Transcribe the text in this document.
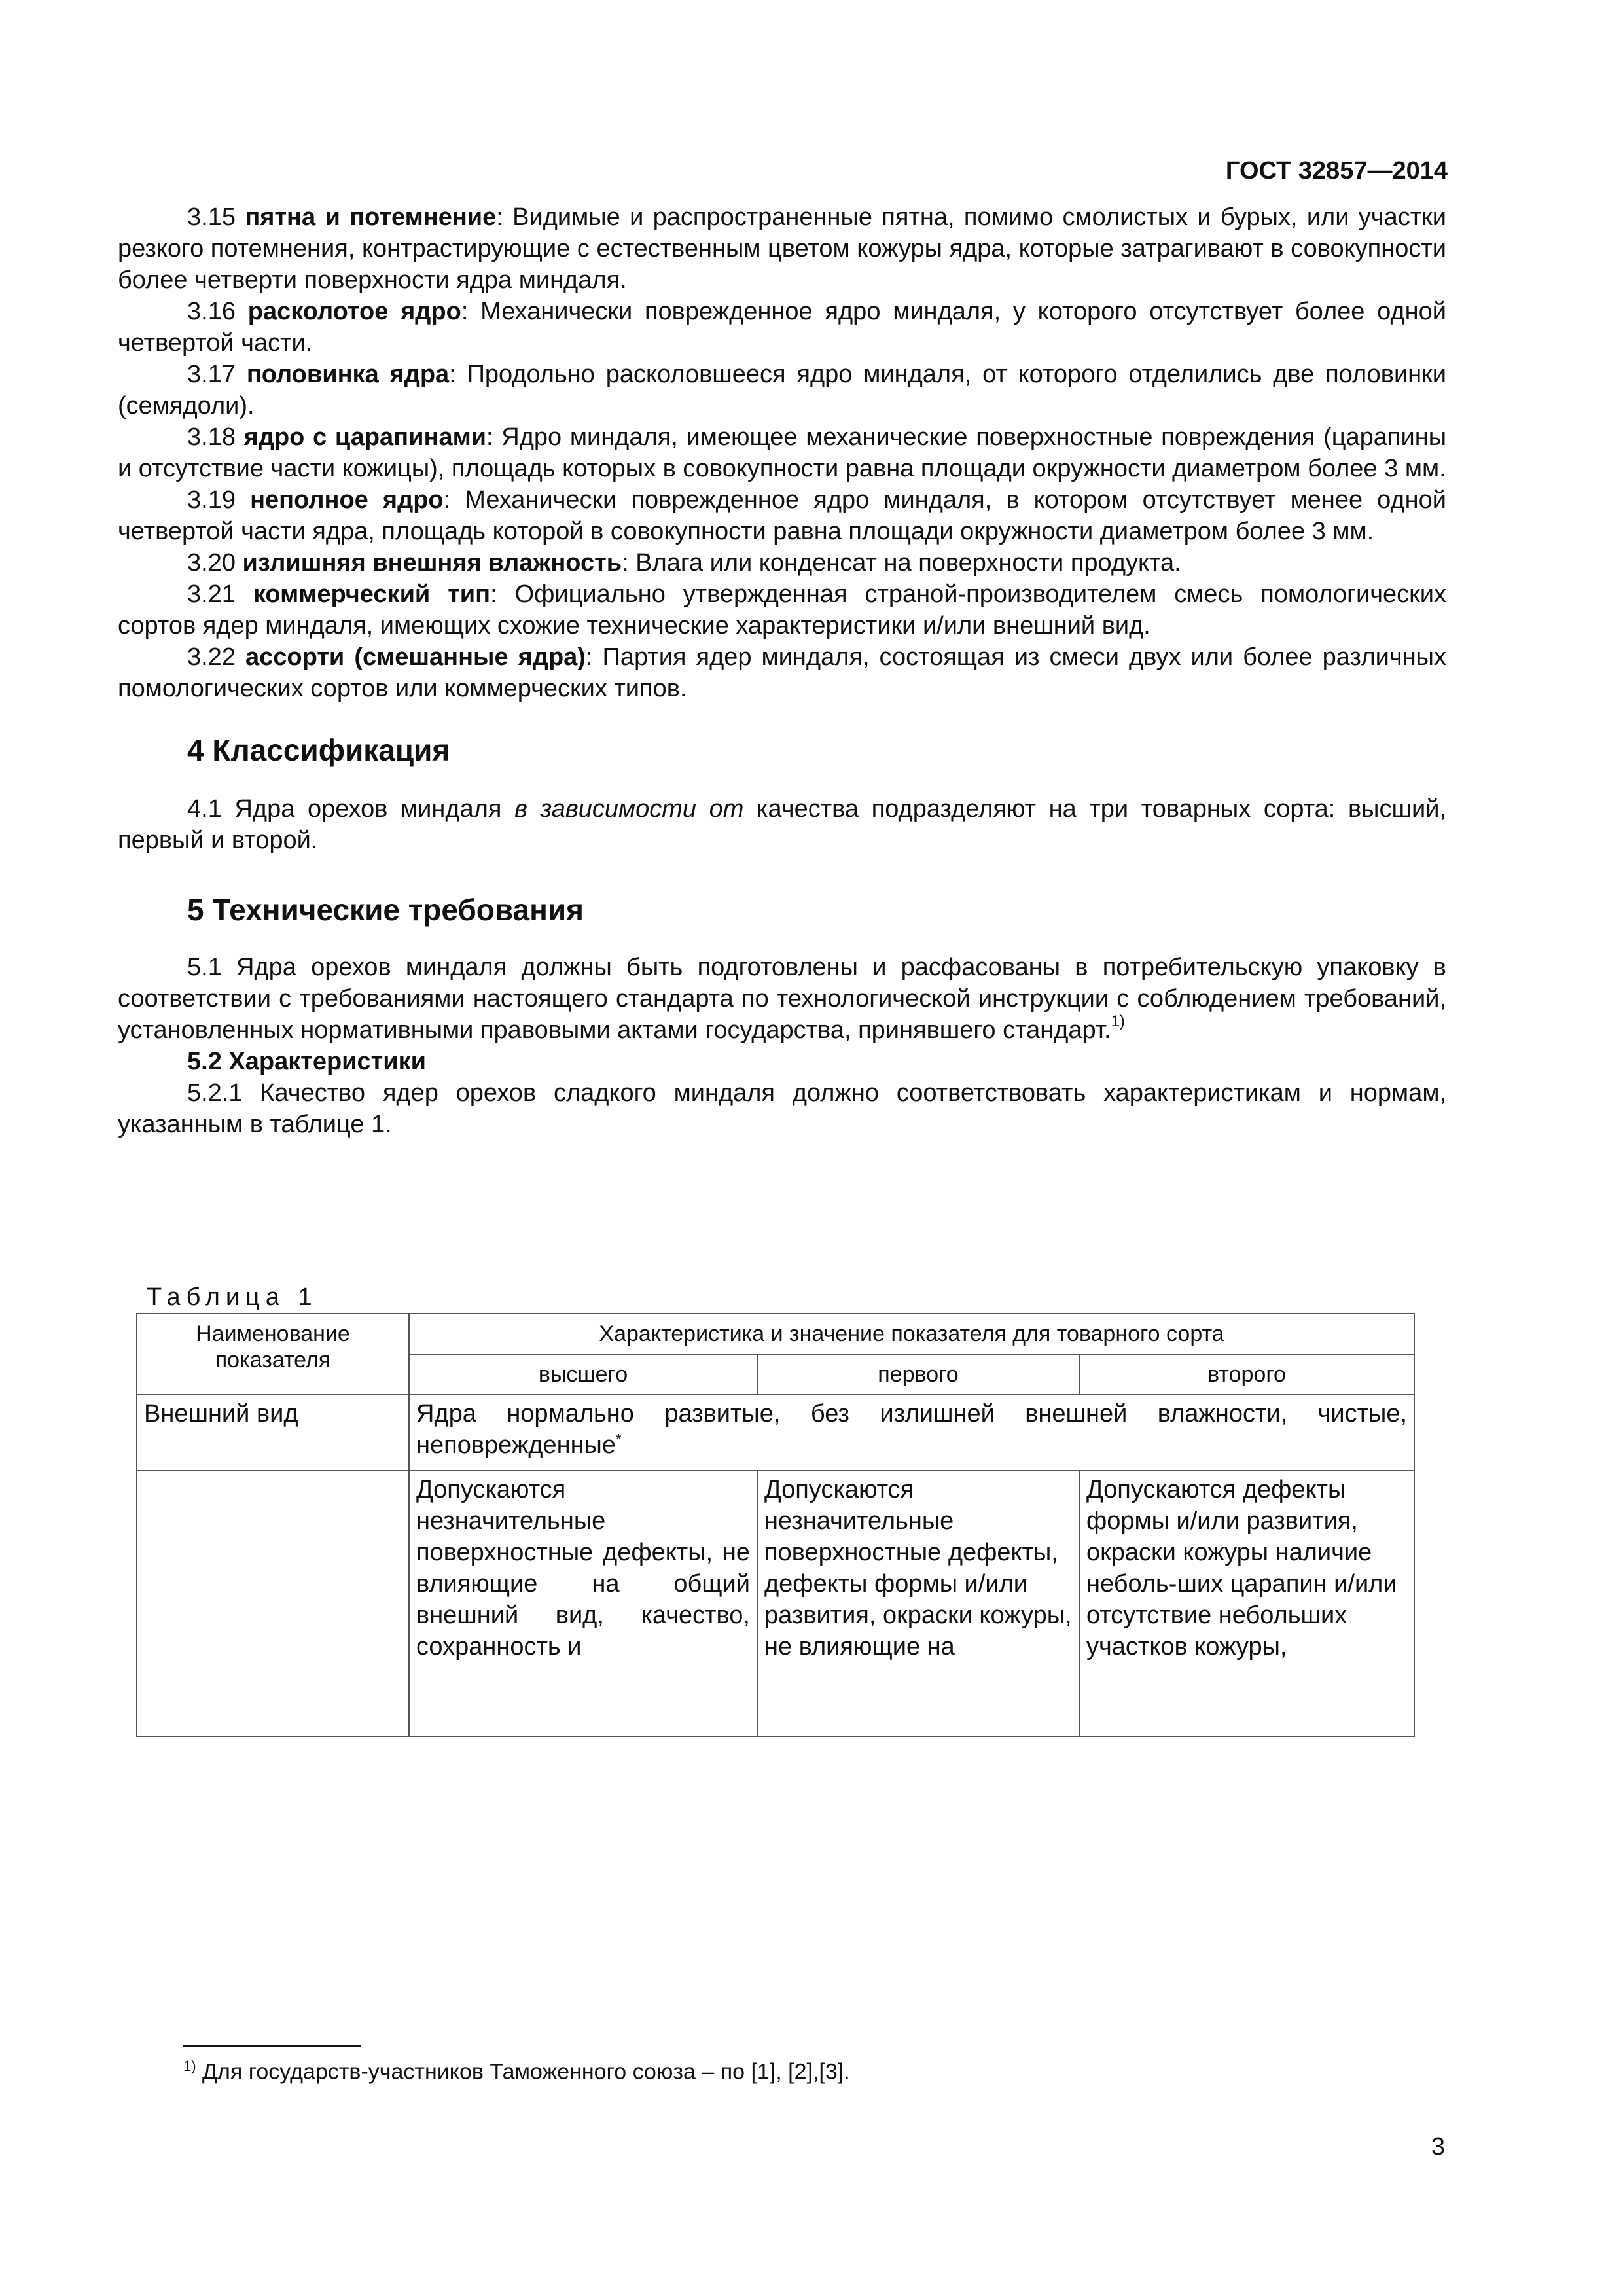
ГОСТ 32857—2014

3.15 пятна и потемнение: Видимые и распространенные пятна, помимо смолистых и бурых, или участки резкого потемнения, контрастирующие с естественным цветом кожуры ядра, которые затрагивают в совокупности более четверти поверхности ядра миндаля.

3.16 расколотое ядро: Механически поврежденное ядро миндаля, у которого отсутствует более одной четвертой части.

3.17 половинка ядра: Продольно расколовшееся ядро миндаля, от которого отделились две половинки (семядоли).

3.18 ядро с царапинами: Ядро миндаля, имеющее механические поверхностные повреждения (царапины и отсутствие части кожицы), площадь которых в совокупности равна площади окружности диаметром более 3 мм.

3.19 неполное ядро: Механически поврежденное ядро миндаля, в котором отсутствует менее одной четвертой части ядра, площадь которой в совокупности равна площади окружности диаметром более 3 мм.

3.20 излишняя внешняя влажность: Влага или конденсат на поверхности продукта.

3.21 коммерческий тип: Официально утвержденная страной-производителем смесь помологических сортов ядер миндаля, имеющих схожие технические характеристики и/или внешний вид.

3.22 ассорти (смешанные ядра): Партия ядер миндаля, состоящая из смеси двух или более различных помологических сортов или коммерческих типов.

4 Классификация

4.1 Ядра орехов миндаля в зависимости от качества подразделяют на три товарных сорта: высший, первый и второй.

5 Технические требования

5.1 Ядра орехов миндаля должны быть подготовлены и расфасованы в потребительскую упаковку в соответствии с требованиями настоящего стандарта по технологической инструкции с соблюдением требований, установленных нормативными правовыми актами государства, принявшего стандарт.$^{1)}$

5.2 Характеристики

5.2.1 Качество ядер орехов сладкого миндаля должно соответствовать характеристикам и нормам, указанным в таблице 1.

Таблица 1
Наименование показателя	Характеристика и значение показателя для товарного сорта		
	высшего	первого	второго
Внешний вид	Ядра нормально развитые, без излишней внешней влажности, чистые, неповрежденные*
	Допускаются незначительные поверхностные дефекты, не влияющие на общий внешний вид, качество, сохранность и	Допускаются незначительные поверхностные дефекты, дефекты формы и/или развития, окраски кожуры, не влияющие на	Допускаются дефекты формы и/или развития, окраски кожуры наличие неболь-ших царапин и/или отсутствие небольших участков кожуры,
$^{1)}$ Для государств-участников Таможенного союза – по [1], [2],[3].
3
